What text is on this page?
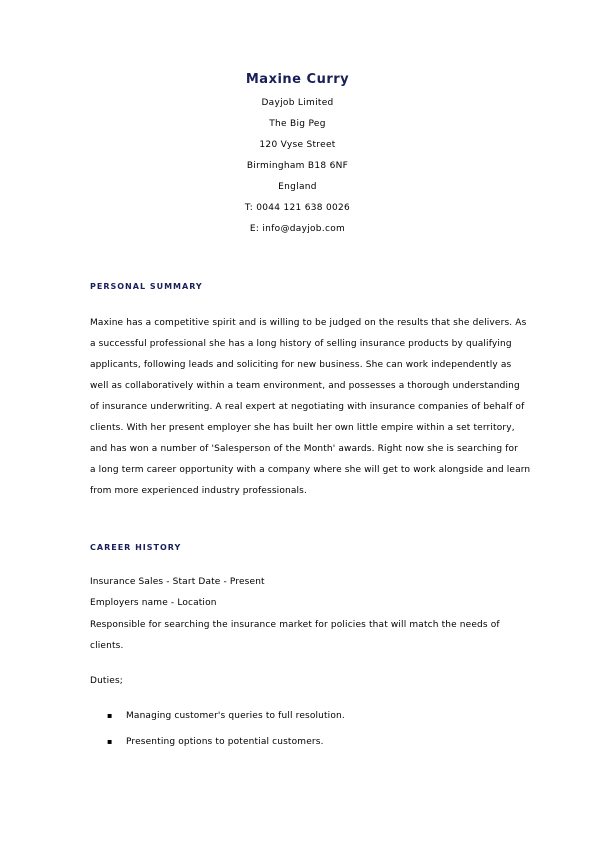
Maxine Curry
Dayjob Limited
The Big Peg
120 Vyse Street
Birmingham B18 6NF
England
T: 0044 121 638 0026
E: info@dayjob.com
PERSONAL SUMMARY
Maxine has a competitive spirit and is willing to be judged on the results that she delivers. As
a successful professional she has a long history of selling insurance products by qualifying
applicants, following leads and soliciting for new business. She can work independently as
well as collaboratively within a team environment, and possesses a thorough understanding
of insurance underwriting. A real expert at negotiating with insurance companies of behalf of
clients. With her present employer she has built her own little empire within a set territory,
and has won a number of 'Salesperson of the Month' awards. Right now she is searching for
a long term career opportunity with a company where she will get to work alongside and learn
from more experienced industry professionals.
CAREER HISTORY
Insurance Sales - Start Date - Present
Employers name - Location
Responsible for searching the insurance market for policies that will match the needs of
clients.
Duties;
▪ Managing customer's queries to full resolution.
▪ Presenting options to potential customers.
